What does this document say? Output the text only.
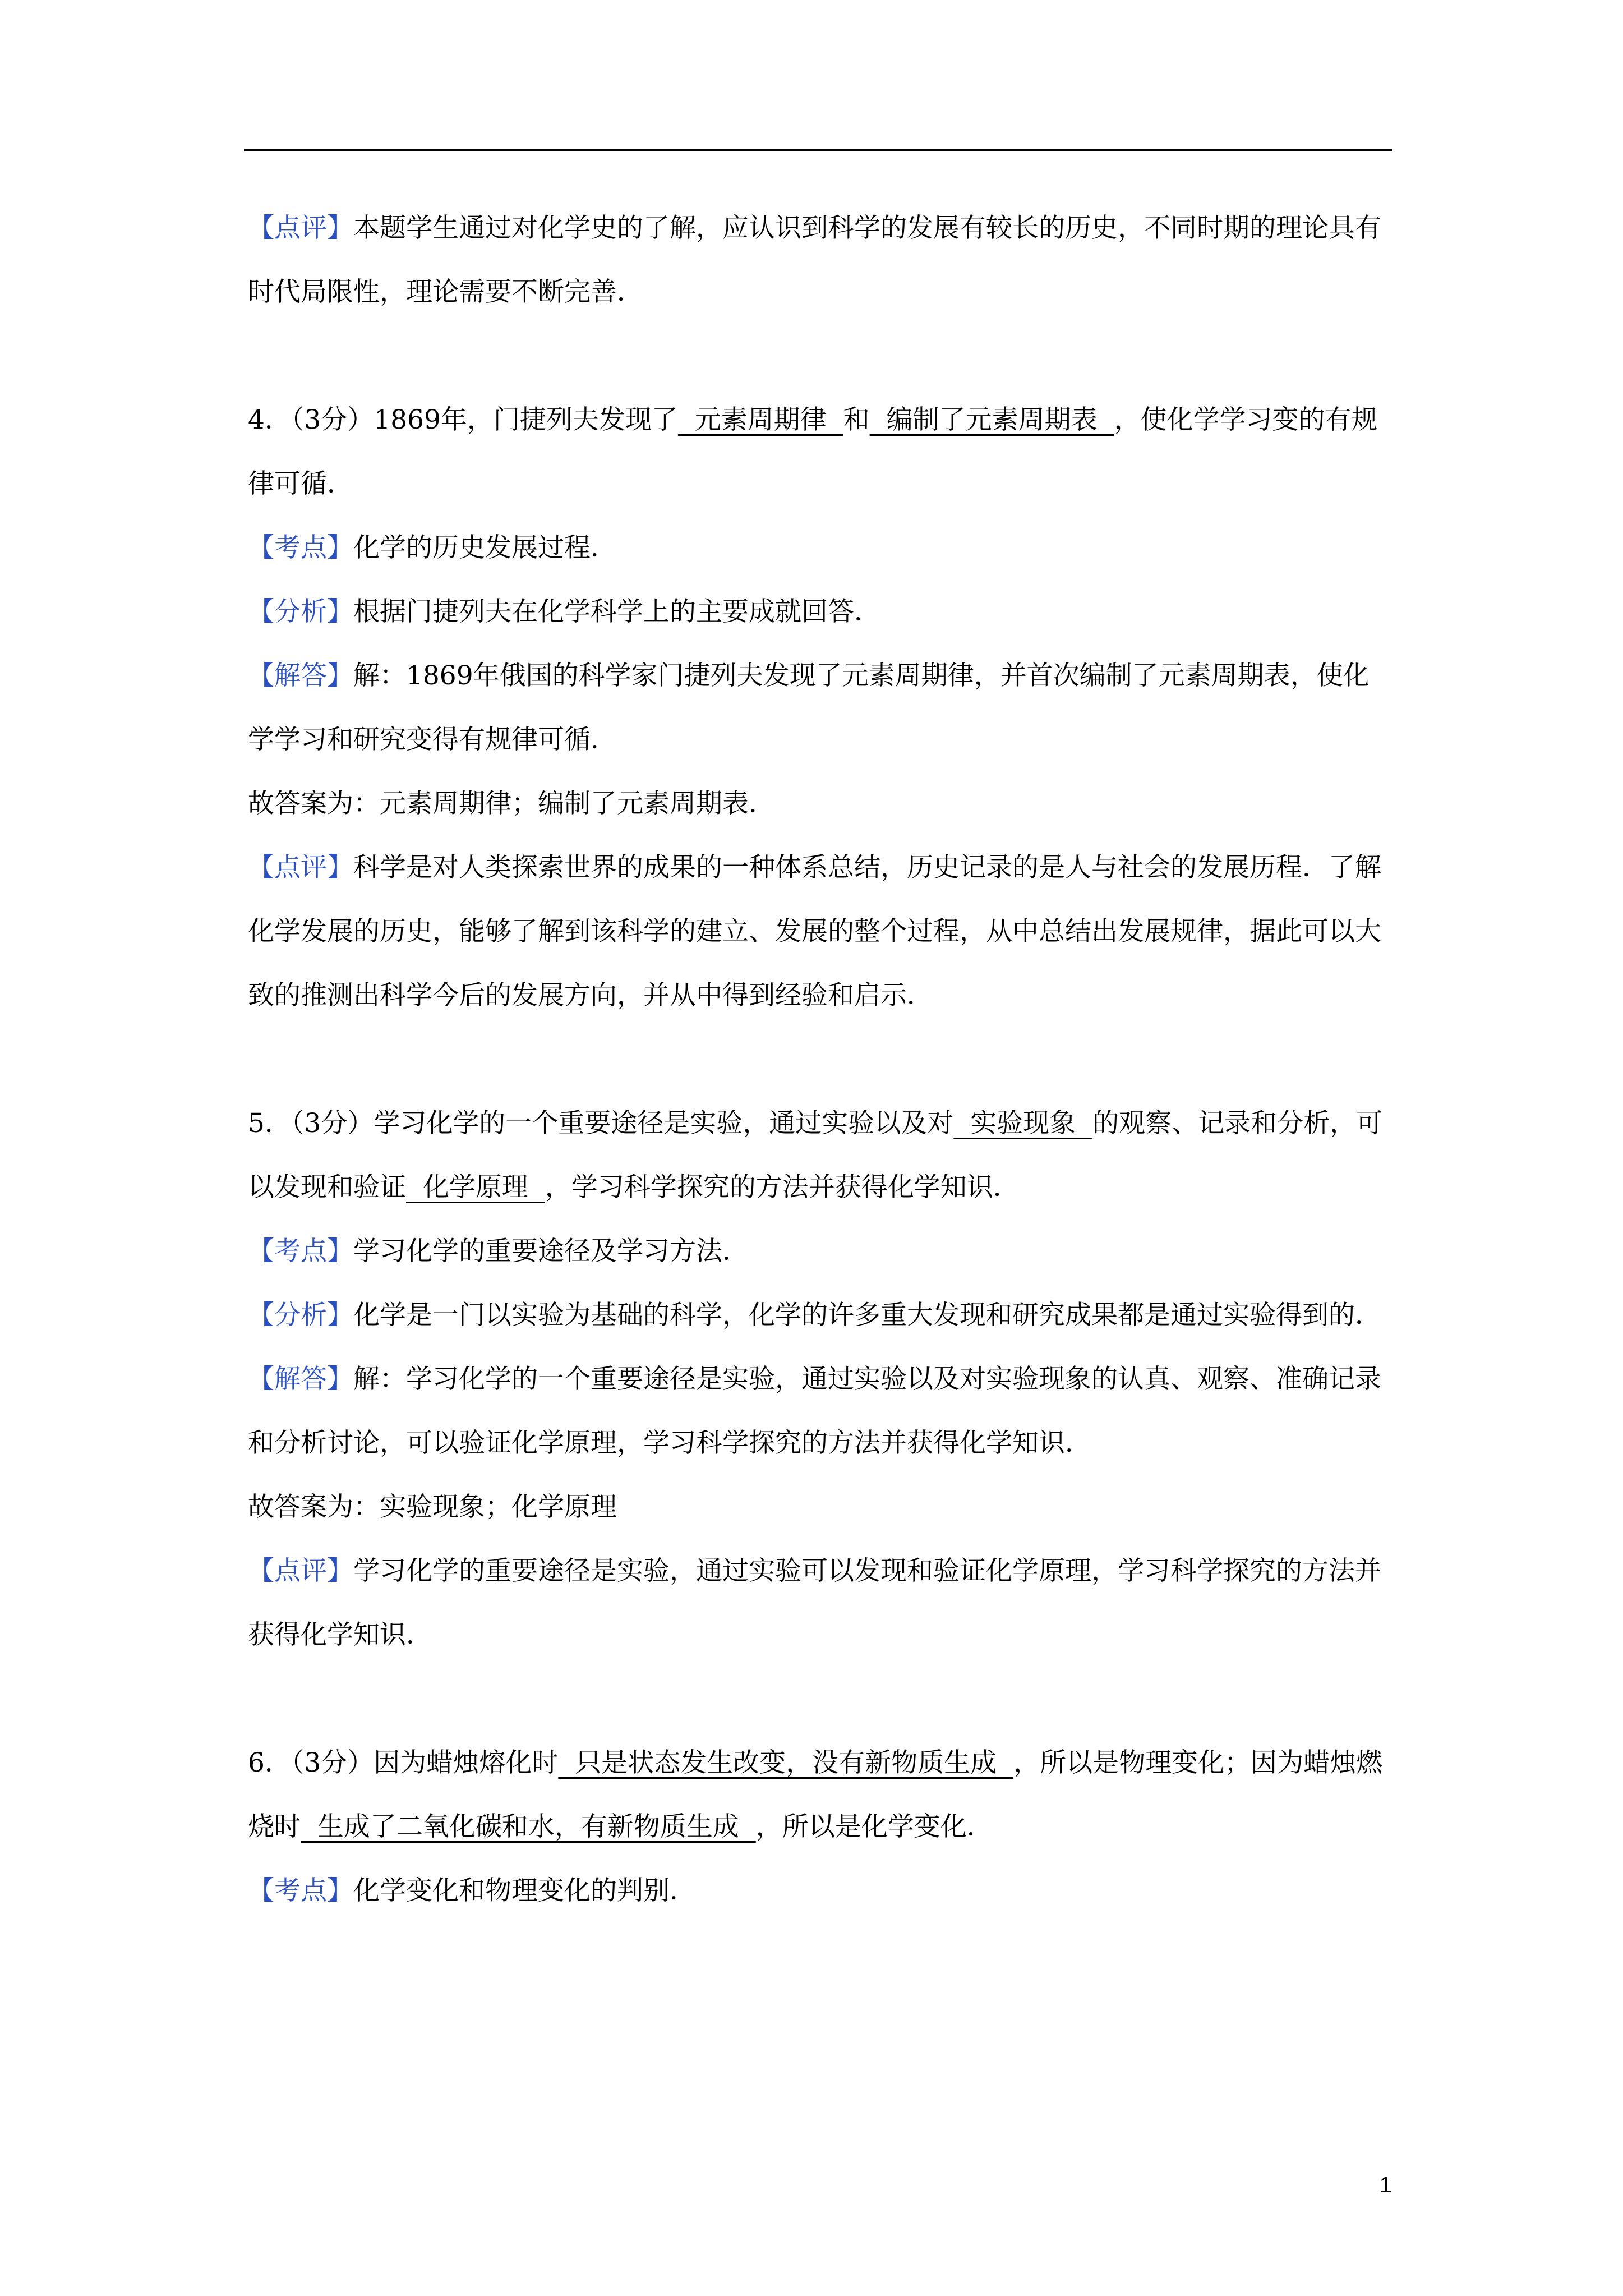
【点评】本题学生通过对化学史的了解，应认识到科学的发展有较长的历史，不同时期的理论具有时代局限性，理论需要不断完善．

4．（3分）1869年，门捷列夫发现了  元素周期律  和  编制了元素周期表  ，使化学学习变的有规律可循．

【考点】化学的历史发展过程．

【分析】根据门捷列夫在化学科学上的主要成就回答．

【解答】解：1869年俄国的科学家门捷列夫发现了元素周期律，并首次编制了元素周期表，使化学学习和研究变得有规律可循．

故答案为：元素周期律；编制了元素周期表．

【点评】科学是对人类探索世界的成果的一种体系总结，历史记录的是人与社会的发展历程．了解化学发展的历史，能够了解到该科学的建立、发展的整个过程，从中总结出发展规律，据此可以大致的推测出科学今后的发展方向，并从中得到经验和启示．

5．（3分）学习化学的一个重要途径是实验，通过实验以及对  实验现象  的观察、记录和分析，可以发现和验证  化学原理  ，学习科学探究的方法并获得化学知识．

【考点】学习化学的重要途径及学习方法．

【分析】化学是一门以实验为基础的科学，化学的许多重大发现和研究成果都是通过实验得到的．

【解答】解：学习化学的一个重要途径是实验，通过实验以及对实验现象的认真、观察、准确记录和分析讨论，可以验证化学原理，学习科学探究的方法并获得化学知识．

故答案为：实验现象；化学原理

【点评】学习化学的重要途径是实验，通过实验可以发现和验证化学原理，学习科学探究的方法并获得化学知识．

6．（3分）因为蜡烛熔化时  只是状态发生改变，没有新物质生成  ，所以是物理变化；因为蜡烛燃烧时  生成了二氧化碳和水，有新物质生成  ，所以是化学变化．

【考点】化学变化和物理变化的判别．

1
